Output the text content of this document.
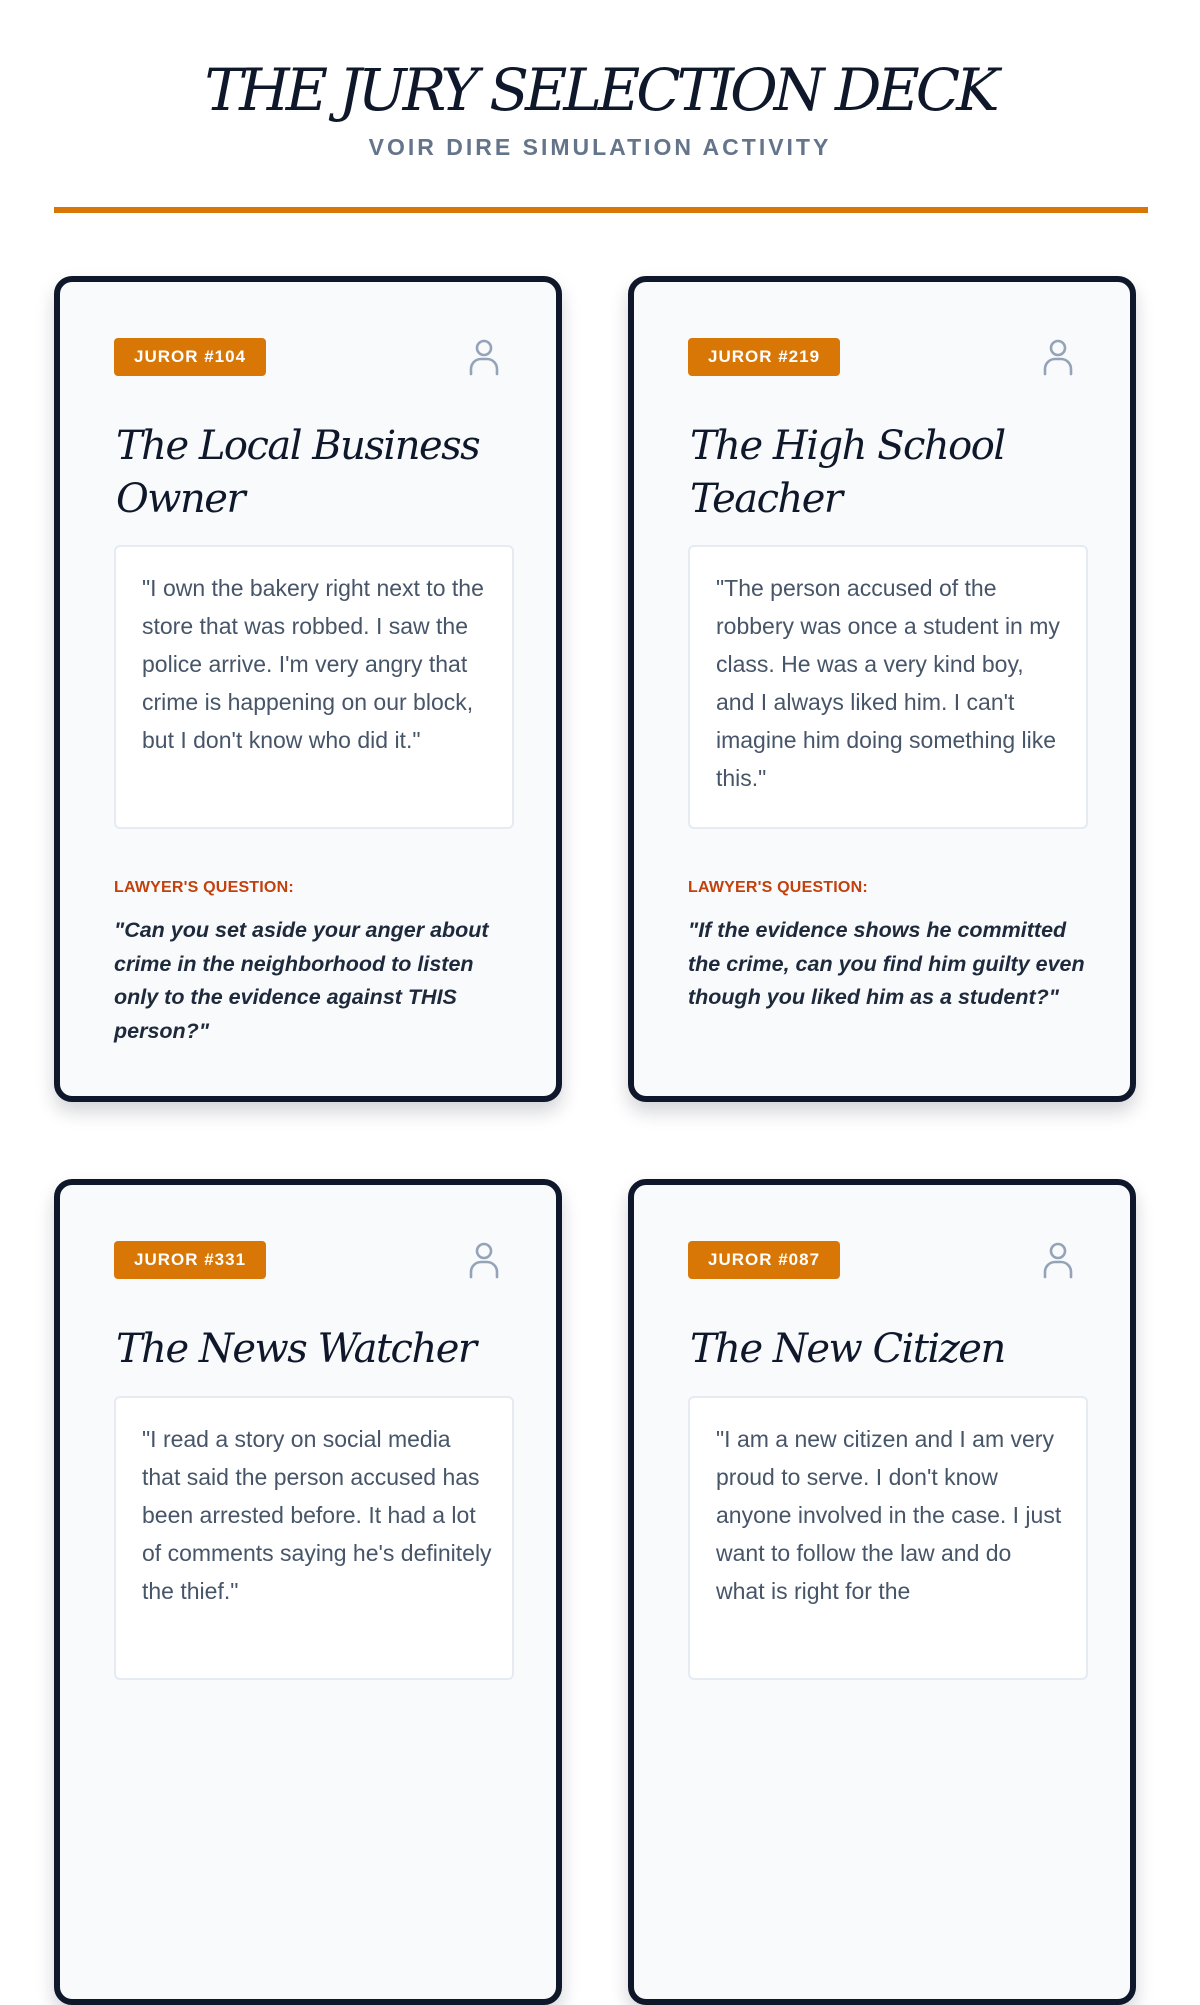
THE JURY SELECTION DECK
VOIR DIRE SIMULATION ACTIVITY
JUROR #104
The Local Business Owner
"I own the bakery right next to the store that was robbed. I saw the police arrive. I'm very angry that crime is happening on our block, but I don't know who did it."
LAWYER'S QUESTION:
"Can you set aside your anger about crime in the neighborhood to listen only to the evidence against THIS person?"
JUROR #219
The High School Teacher
"The person accused of the robbery was once a student in my class. He was a very kind boy, and I always liked him. I can't imagine him doing something like this."
LAWYER'S QUESTION:
"If the evidence shows he committed the crime, can you find him guilty even though you liked him as a student?"
JUROR #331
The News Watcher
"I read a story on social media that said the person accused has been arrested before. It had a lot of comments saying he's definitely the thief."
JUROR #087
The New Citizen
"I am a new citizen and I am very proud to serve. I don't know anyone involved in the case. I just want to follow the law and do what is right for the
